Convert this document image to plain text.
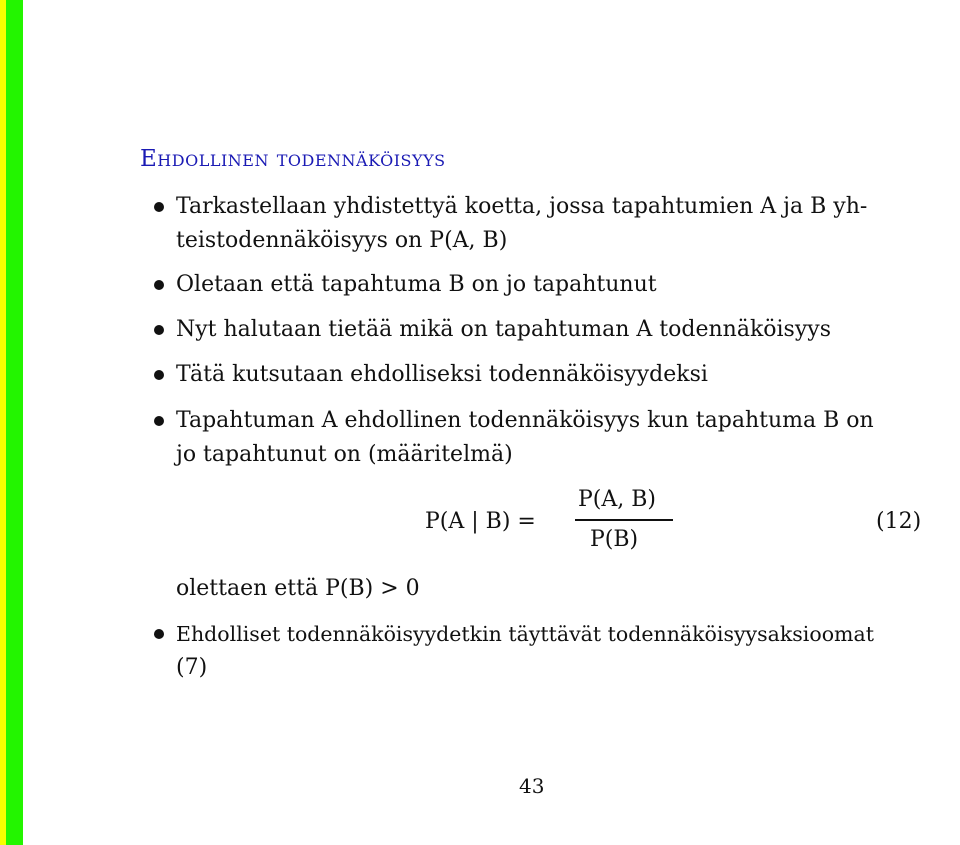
Ehdollinen todennäköisyys
Tarkastellaan yhdistettyä koetta, jossa tapahtumien A ja B yh-
teistodennäköisyys on P(A, B)
Oletaan että tapahtuma B on jo tapahtunut
Nyt halutaan tietää mikä on tapahtuman A todennäköisyys
Tätä kutsutaan ehdolliseksi todennäköisyydeksi
Tapahtuman A ehdollinen todennäköisyys kun tapahtuma B on
jo tapahtunut on (määritelmä)
P(A | B) =
P(A, B)
P(B)
(12)
olettaen että P(B) > 0
Ehdolliset todennäköisyydetkin täyttävät todennäköisyysaksioomat
(7)
43
